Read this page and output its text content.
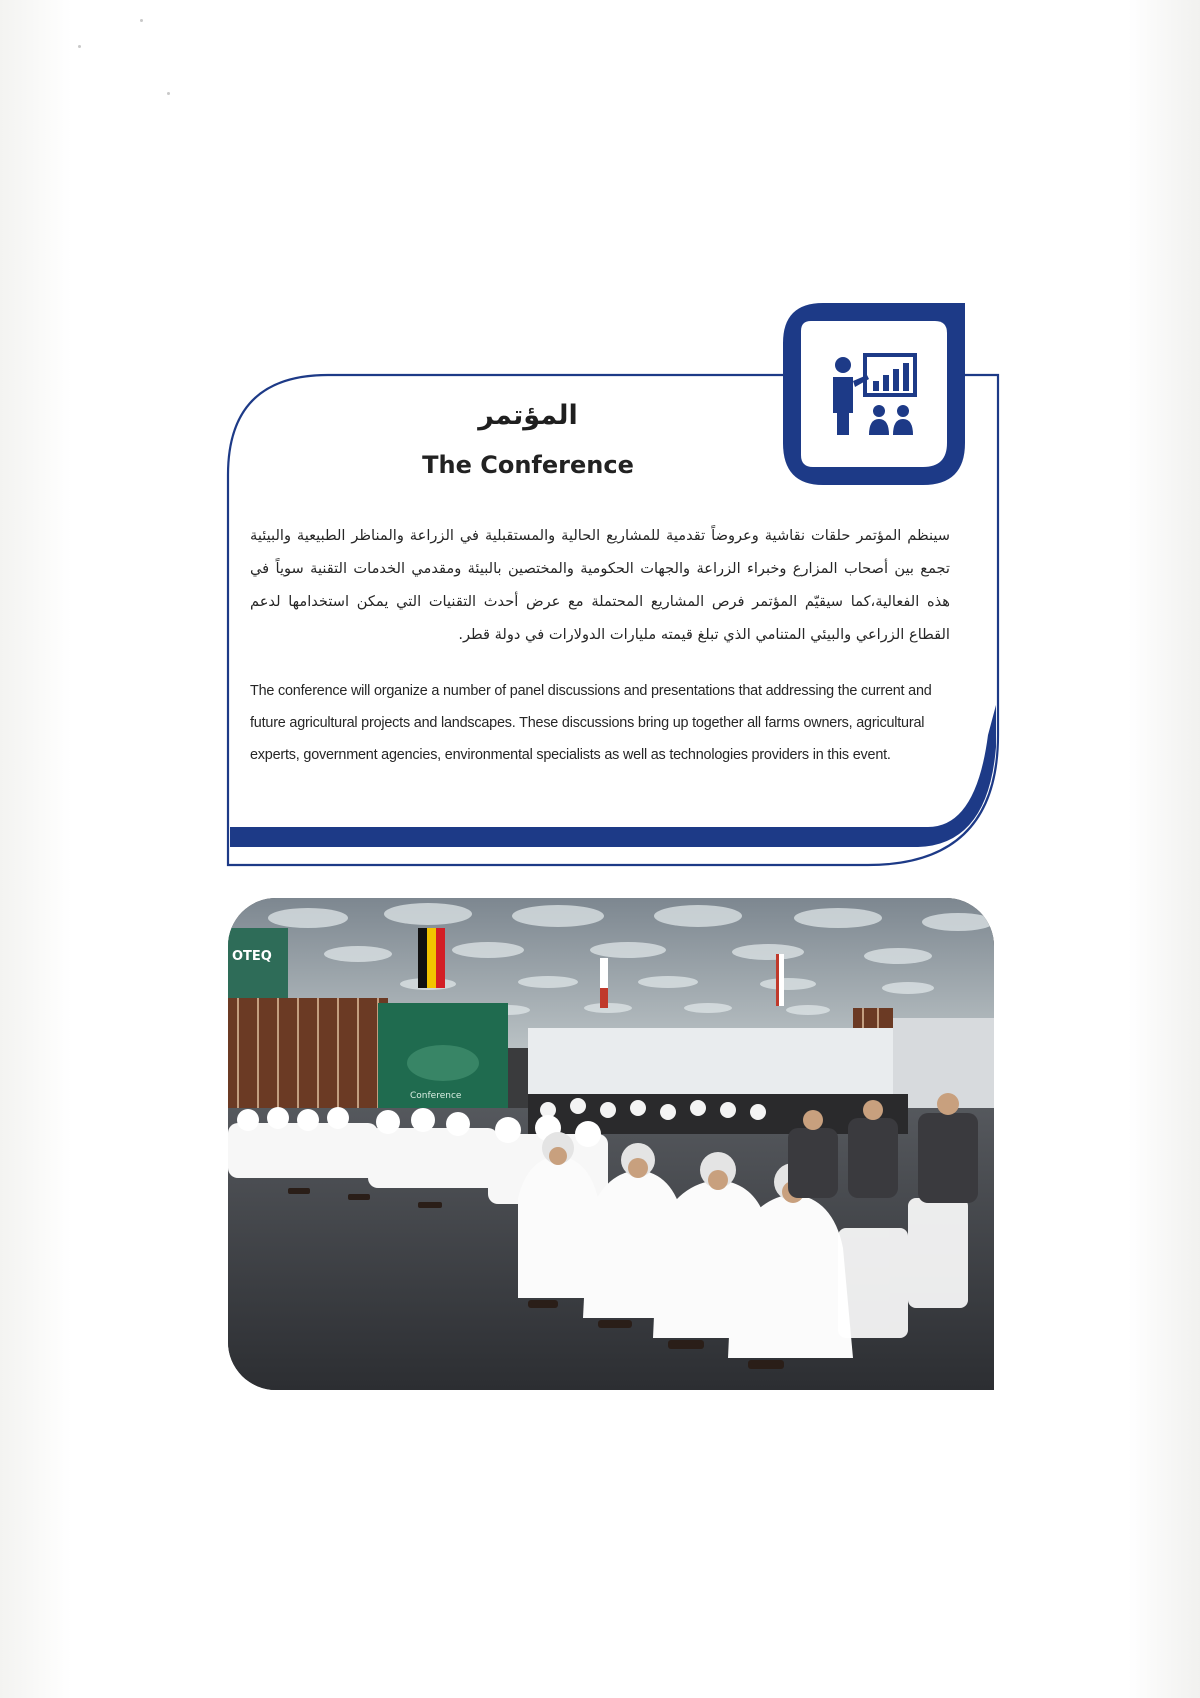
المؤتمر
The Conference

سينظم المؤتمر حلقات نقاشية وعروضاً تقدمية للمشاريع الحالية والمستقبلية في الزراعة والمناظر الطبيعية والبيئية تجمع بين أصحاب المزارع وخبراء الزراعة والجهات الحكومية والمختصين بالبيئة ومقدمي الخدمات التقنية سوياً في هذه الفعالية،كما سيقيّم المؤتمر فرص المشاريع المحتملة مع عرض أحدث التقنيات التي يمكن استخدامها لدعم القطاع الزراعي والبيئي المتنامي الذي تبلغ قيمته مليارات الدولارات في دولة قطر.

The conference will organize a number of panel discussions and presentations that addressing the current and future agricultural projects and landscapes. These discussions bring up together all farms owners, agricultural experts, government agencies, environmental specialists as well as technologies providers in this event.

OTEQ
Conference
